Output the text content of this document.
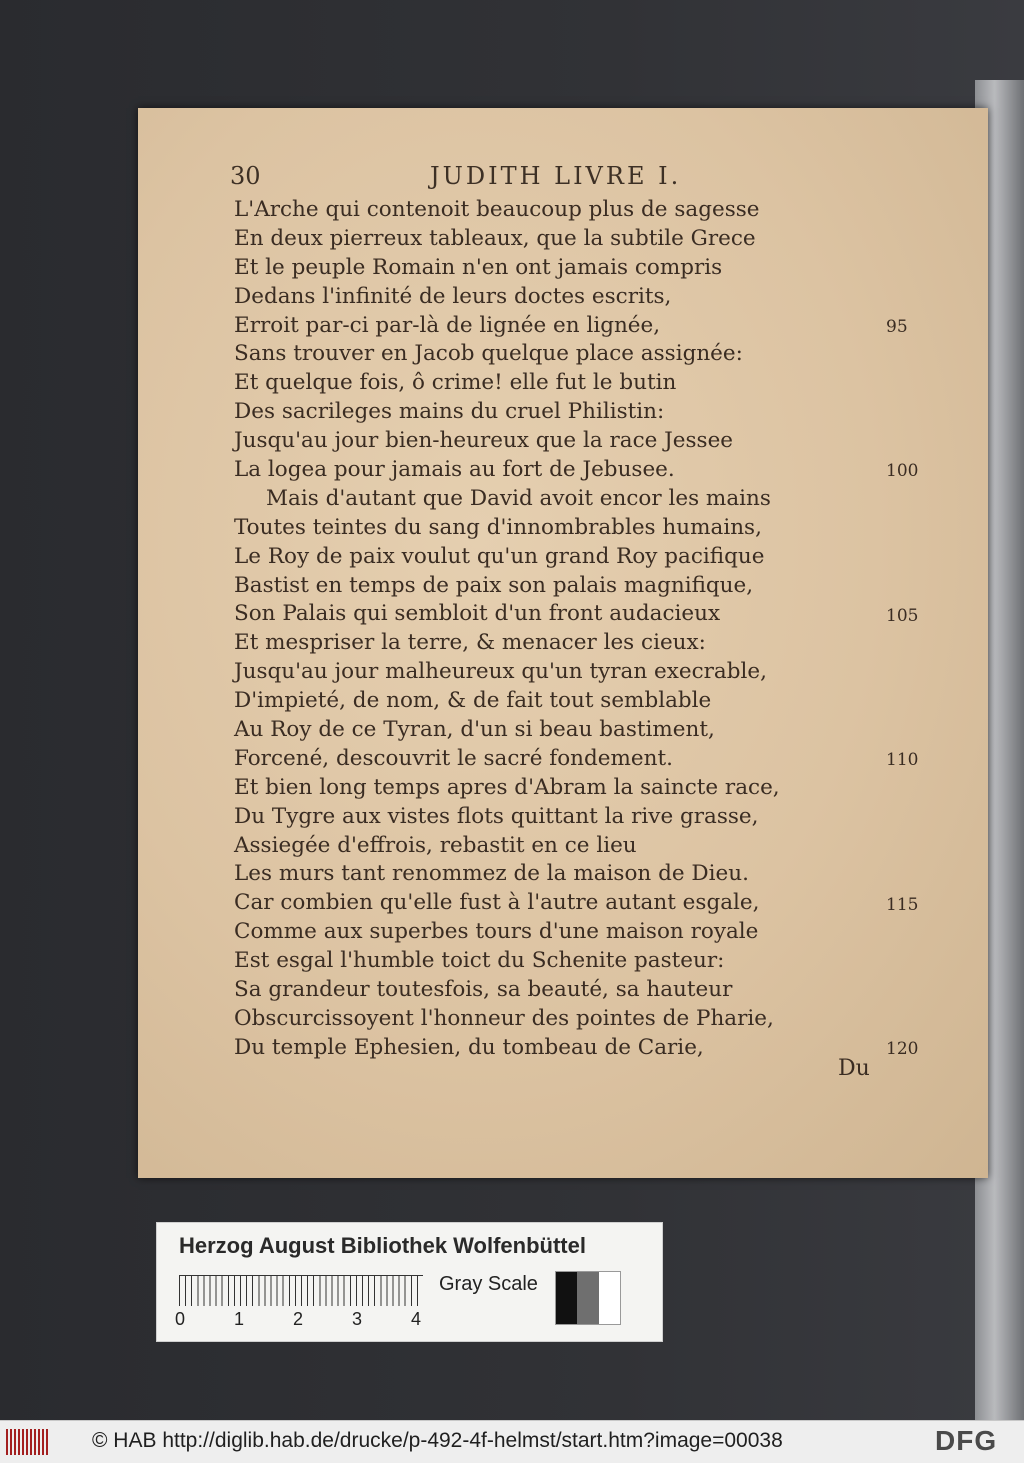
30	JUDITH LIVRE I.
L'Arche qui contenoit beaucoup plus de sagesse
En deux pierreux tableaux, que la subtile Grece
Et le peuple Romain n'en ont jamais compris
Dedans l'infinité de leurs doctes escrits,
Erroit par-ci par-là de lignée en lignée,
Sans trouver en Jacob quelque place assignée:
Et quelque fois, ô crime! elle fut le butin
Des sacrileges mains du cruel Philistin:
Jusqu'au jour bien-heureux que la race Jessee
La logea pour jamais au fort de Jebusee.
Mais d'autant que David avoit encor les mains
Toutes teintes du sang d'innombrables humains,
Le Roy de paix voulut qu'un grand Roy pacifique
Bastist en temps de paix son palais magnifique,
Son Palais qui sembloit d'un front audacieux
Et mespriser la terre, & menacer les cieux:
Jusqu'au jour malheureux qu'un tyran execrable,
D'impieté, de nom, & de fait tout semblable
Au Roy de ce Tyran, d'un si beau bastiment,
Forcené, descouvrit le sacré fondement.
Et bien long temps apres d'Abram la saincte race,
Du Tygre aux vistes flots quittant la rive grasse,
Assiegée d'effrois, rebastit en ce lieu
Les murs tant renommez de la maison de Dieu.
Car combien qu'elle fust à l'autre autant esgale,
Comme aux superbes tours d'une maison royale
Est esgal l'humble toict du Schenite pasteur:
Sa grandeur toutesfois, sa beauté, sa hauteur
Obscurcissoyent l'honneur des pointes de Pharie,
Du temple Ephesien, du tombeau de Carie,
95
100
105
110
115
120
Du
Herzog August Bibliothek Wolfenbüttel
0	1	2	3	4
Gray Scale
© HAB http://diglib.hab.de/drucke/p-492-4f-helmst/start.htm?image=00038	DFG
